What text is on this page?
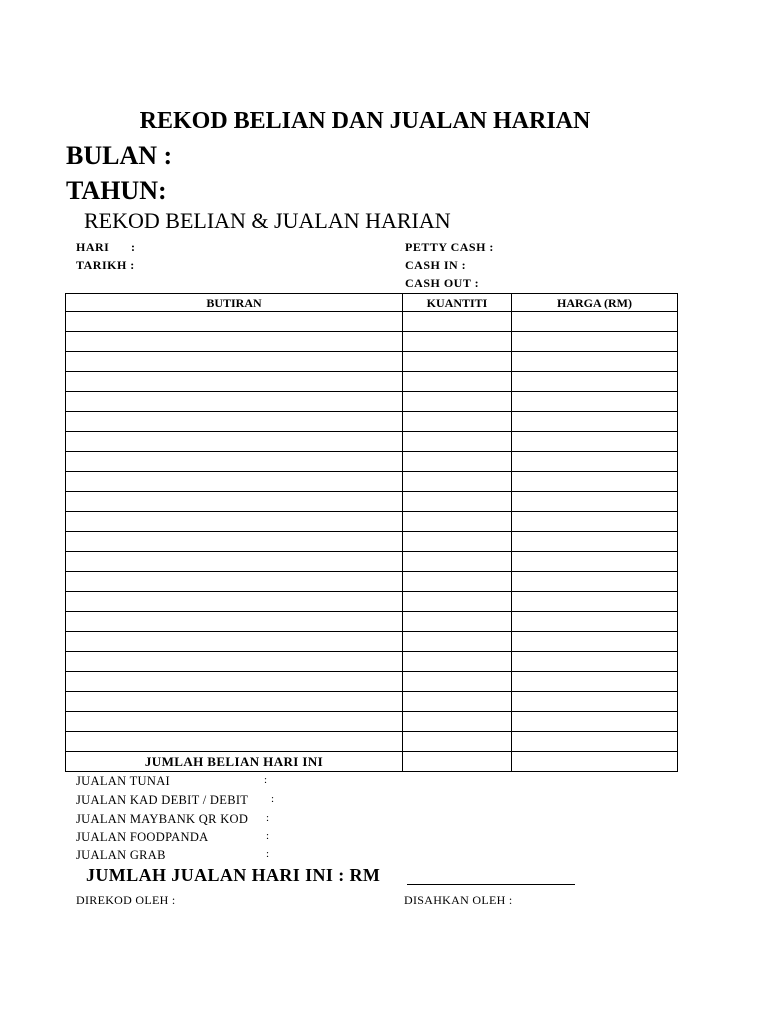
REKOD BELIAN DAN JUALAN HARIAN
BULAN :
TAHUN:
REKOD BELIAN & JUALAN HARIAN
HARI :
TARIKH :
PETTY CASH :
CASH IN :
CASH OUT :
BUTIRAN	KUANTITI	HARGA (RM)

JUMLAH BELIAN HARI INI		
JUALAN TUNAI	:
JUALAN KAD DEBIT / DEBIT :
JUALAN MAYBANK QR KOD :
JUALAN FOODPANDA	:
JUALAN GRAB	:
JUMLAH JUALAN HARI INI : RM
DIREKOD OLEH :	DISAHKAN OLEH :
